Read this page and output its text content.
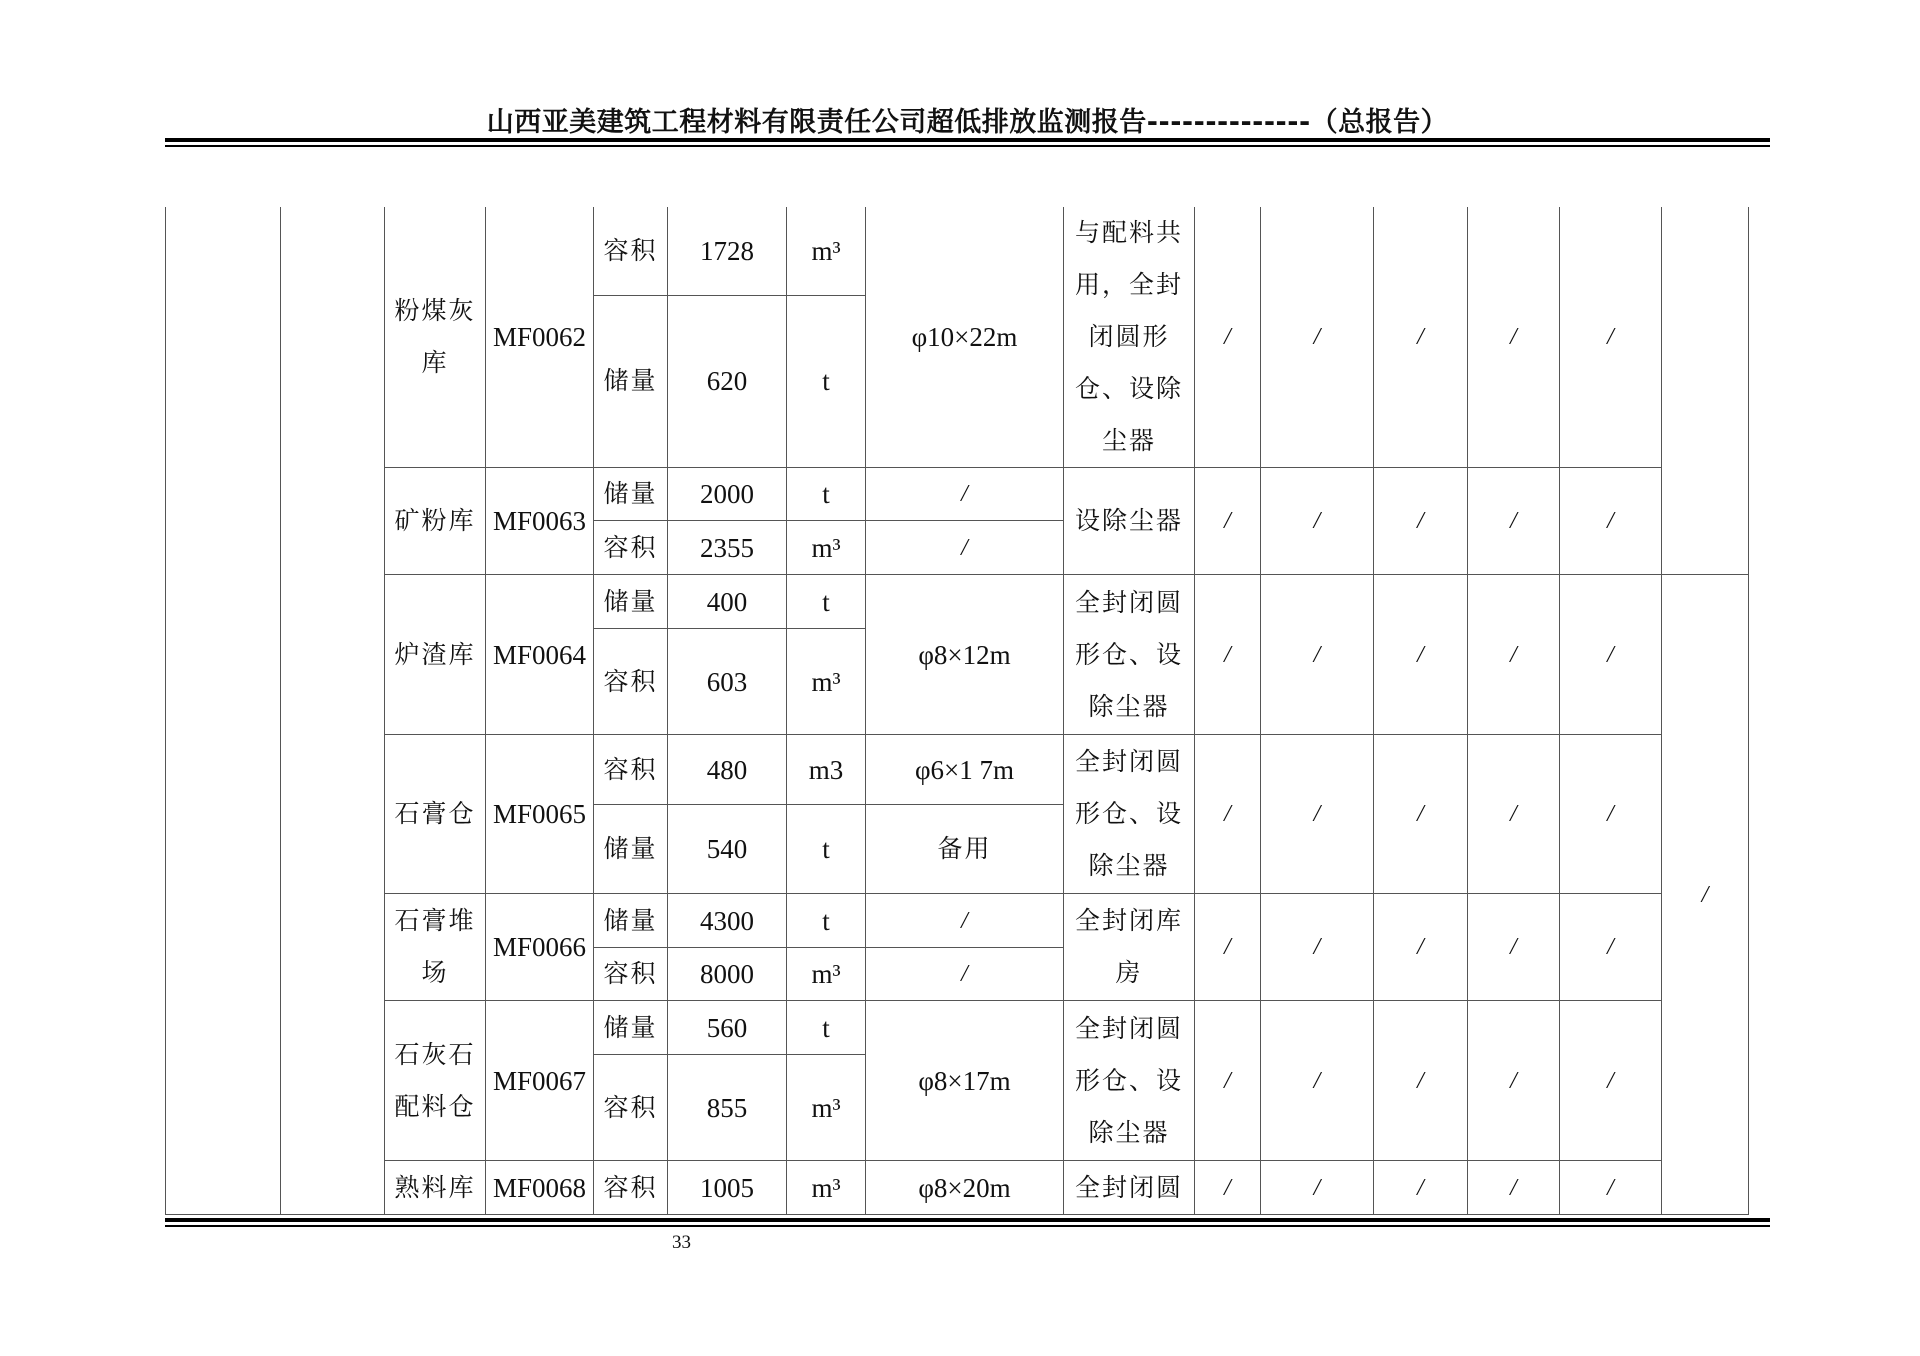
山西亚美建筑工程材料有限责任公司超低排放监测报告--------------（总报告）

		粉煤灰库	MF0062	容积	1728	m³	φ10×22m	与配料共用，全封闭圆形仓、设除尘器	/	/	/	/	/	
				储量	620	t								
		矿粉库	MF0063	储量	2000	t	/	设除尘器	/	/	/	/	/	
				容积	2355	m³	/							
		炉渣库	MF0064	储量	400	t	φ8×12m	全封闭圆形仓、设除尘器	/	/	/	/	/	/
				容积	603	m³								
		石膏仓	MF0065	容积	480	m3	φ6×1 7m	全封闭圆形仓、设除尘器	/	/	/	/	/	
				储量	540	t	备用							

		石膏堆场	MF0066	储量	4300	t	/	全封闭库房	/	/	/	/	/	
				容积	8000	m³	/							

		石灰石配料仓	MF0067	储量	560	t	φ8×17m	全封闭圆形仓、设除尘器	/	/	/	/	/	
				容积	855	m³								
		熟料库	MF0068	容积	1005	m³	φ8×20m	全封闭圆	/	/	/	/	/	
33
